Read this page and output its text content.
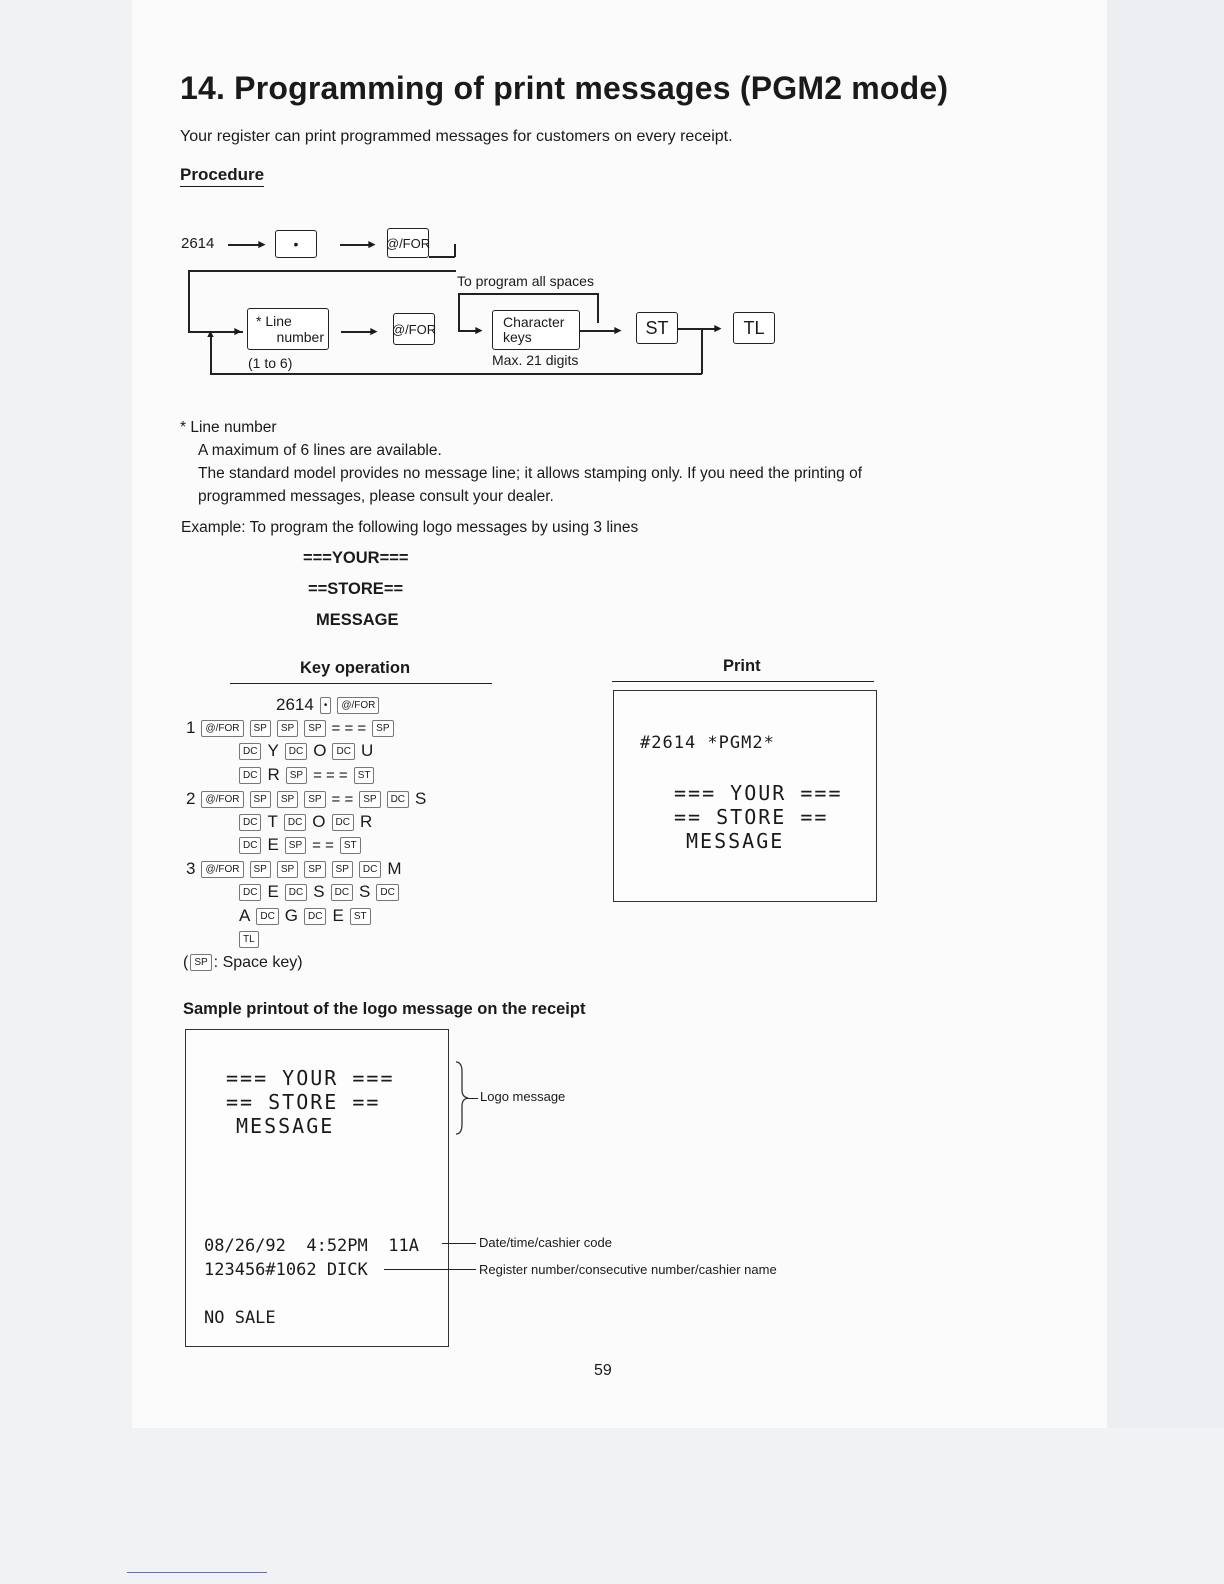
14. Programming of print messages (PGM2 mode)
Your register can print programmed messages for customers on every receipt.
Procedure
2614	►	•	► @/FOR
►
* Line
number
(1 to 6)
► @/FOR
To program all spaces
► Character
keys
Max. 21 digits
►	ST	►	TL
▲
* Line number
A maximum of 6 lines are available.
The standard model provides no message line; it allows stamping only. If you need the printing of
programmed messages, please consult your dealer.
Example: To program the following logo messages by using 3 lines
===YOUR===
==STORE==
MESSAGE
Key operation
2614 • @/FOR
1 @/FOR SP SP SP = = = SP
DC Y DC O DC U
DC R SP = = = ST
2 @/FOR SP SP SP = = SP DC S
DC T DC O DC R
DC E SP = = ST
3 @/FOR SP SP SP SP DC M
DC E DC S DC S DC
A DC G DC E ST
TL
( SP : Space key)
Print
#2614 *PGM2*
=== YOUR ===
== STORE ==
MESSAGE
Sample printout of the logo message on the receipt
=== YOUR ===
== STORE ==
MESSAGE
08/26/92  4:52PM  11A
123456#1062 DICK
NO SALE
Logo message
Date/time/cashier code
Register number/consecutive number/cashier name
59
